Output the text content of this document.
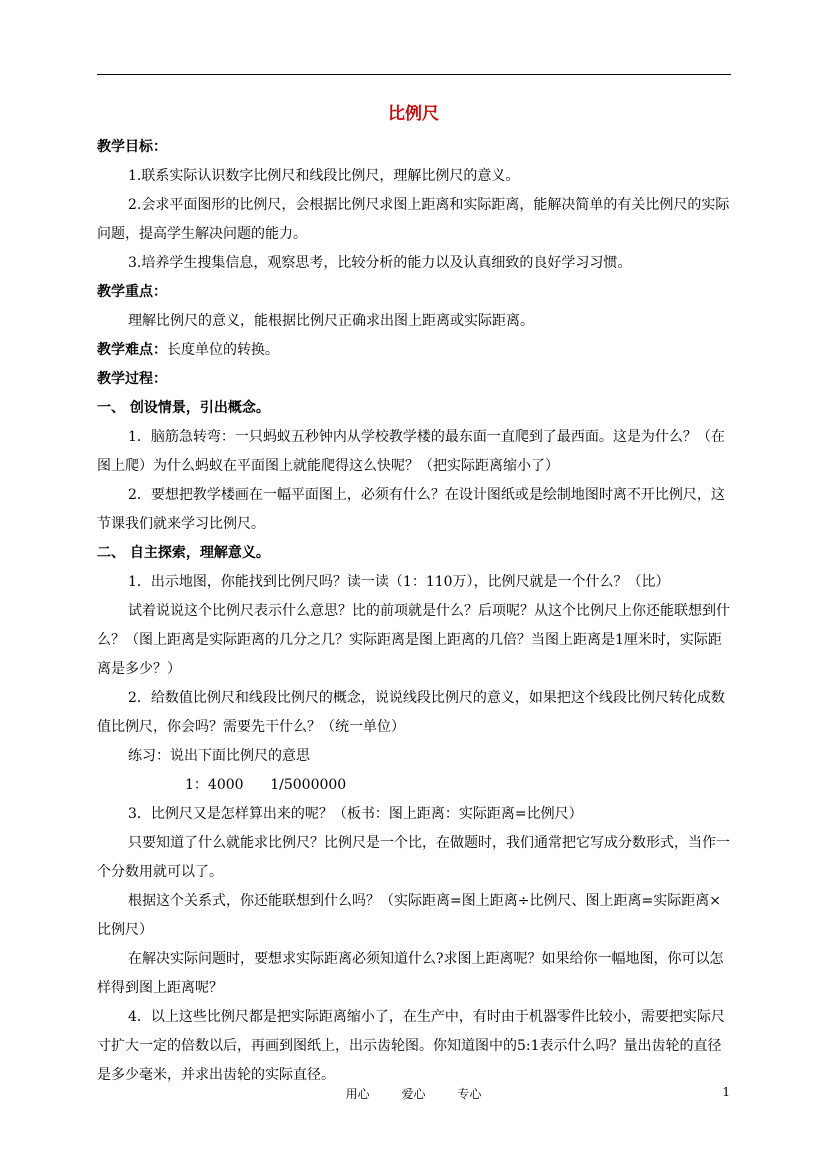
比例尺

教学目标：

1.联系实际认识数字比例尺和线段比例尺，理解比例尺的意义。

2.会求平面图形的比例尺，会根据比例尺求图上距离和实际距离，能解决简单的有关比例尺的实际问题，提高学生解决问题的能力。

3.培养学生搜集信息，观察思考，比较分析的能力以及认真细致的良好学习习惯。

教学重点：

理解比例尺的意义，能根据比例尺正确求出图上距离或实际距离。

教学难点：长度单位的转换。

教学过程：

一、 创设情景，引出概念。

1．脑筋急转弯：一只蚂蚁五秒钟内从学校教学楼的最东面一直爬到了最西面。这是为什么？（在图上爬）为什么蚂蚁在平面图上就能爬得这么快呢？（把实际距离缩小了）

2．要想把教学楼画在一幅平面图上，必须有什么？在设计图纸或是绘制地图时离不开比例尺，这节课我们就来学习比例尺。

二、 自主探索，理解意义。

1．出示地图，你能找到比例尺吗？读一读（1：110万），比例尺就是一个什么？（比）

试着说说这个比例尺表示什么意思？比的前项就是什么？后项呢？从这个比例尺上你还能联想到什么？（图上距离是实际距离的几分之几？实际距离是图上距离的几倍？当图上距离是1厘米时，实际距离是多少？）

2．给数值比例尺和线段比例尺的概念，说说线段比例尺的意义，如果把这个线段比例尺转化成数值比例尺，你会吗？需要先干什么？（统一单位）

练习：说出下面比例尺的意思

1：4000      1/5000000

3．比例尺又是怎样算出来的呢？（板书：图上距离：实际距离=比例尺）

只要知道了什么就能求比例尺？比例尺是一个比，在做题时，我们通常把它写成分数形式，当作一个分数用就可以了。

根据这个关系式，你还能联想到什么吗？（实际距离=图上距离÷比例尺、图上距离=实际距离×比例尺）

在解决实际问题时，要想求实际距离必须知道什么?求图上距离呢？如果给你一幅地图，你可以怎样得到图上距离呢？

4．以上这些比例尺都是把实际距离缩小了，在生产中，有时由于机器零件比较小，需要把实际尺寸扩大一定的倍数以后，再画到图纸上，出示齿轮图。你知道图中的5:1表示什么吗？量出齿轮的直径是多少毫米，并求出齿轮的实际直径。

用心	爱心	专心	1
